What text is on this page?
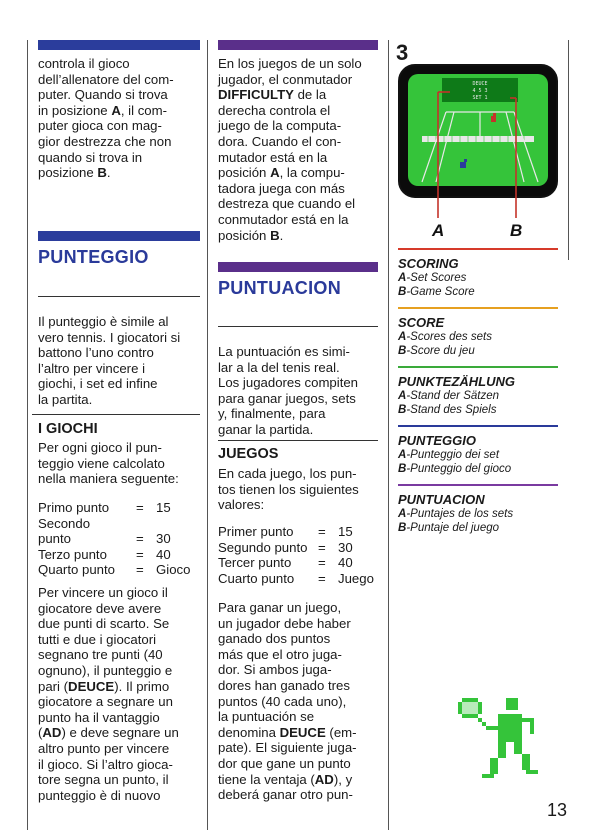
controla il gioco
dell’allenatore del com-
puter. Quando si trova
in posizione A, il com-
puter gioca con mag-
gior destrezza che non
quando si trova in
posizione B.
PUNTEGGIO
Il punteggio è simile al
vero tennis. I giocatori si
battono l’uno contro
l’altro per vincere i
giochi, i set ed infine
la partita.
I GIOCHI
Per ogni gioco il pun-
teggio viene calcolato
nella maniera seguente:
Primo punto	= 15
Secondo
punto	= 30
Terzo punto	= 40
Quarto punto	= Gioco
Per vincere un gioco il
giocatore deve avere
due punti di scarto. Se
tutti e due i giocatori
segnano tre punti (40
ognuno), il punteggio e
pari (DEUCE). Il primo
giocatore a segnare un
punto ha il vantaggio
(AD) e deve segnare un
altro punto per vincere
il gioco. Si l’altro gioca-
tore segna un punto, il
punteggio è di nuovo
En los juegos de un solo
jugador, el conmutador
DIFFICULTY de la
derecha controla el
juego de la computa-
dora. Cuando el con-
mutador está en la
posición A, la compu-
tadora juega con más
destreza que cuando el
conmutador está en la
posición B.
PUNTUACION
La puntuación es simi-
lar a la del tenis real.
Los jugadores compiten
para ganar juegos, sets
y, finalmente, para
ganar la partida.
JUEGOS
En cada juego, los pun-
tos tienen los siguientes
valores:
Primer punto	= 15
Segundo punto = 30
Tercer punto	= 40
Cuarto punto	= Juego
Para ganar un juego,
un jugador debe haber
ganado dos puntos
más que el otro juga-
dor. Si ambos juga-
dores han ganado tres
puntos (40 cada uno),
la puntuación se
denomina DEUCE (em-
pate). El siguiente juga-
dor que gane un punto
tiene la ventaja (AD), y
deberá ganar otro pun-
3
DEUCE
4 5 3
SET 1
A	B
SCORING
A-Set Scores
B-Game Score
SCORE
A-Scores des sets
B-Score du jeu
PUNKTEZÄHLUNG
A-Stand der Sätzen
B-Stand des Spiels
PUNTEGGIO
A-Punteggio dei set
B-Punteggio del gioco
PUNTUACION
A-Puntajes de los sets
B-Puntaje del juego
13
